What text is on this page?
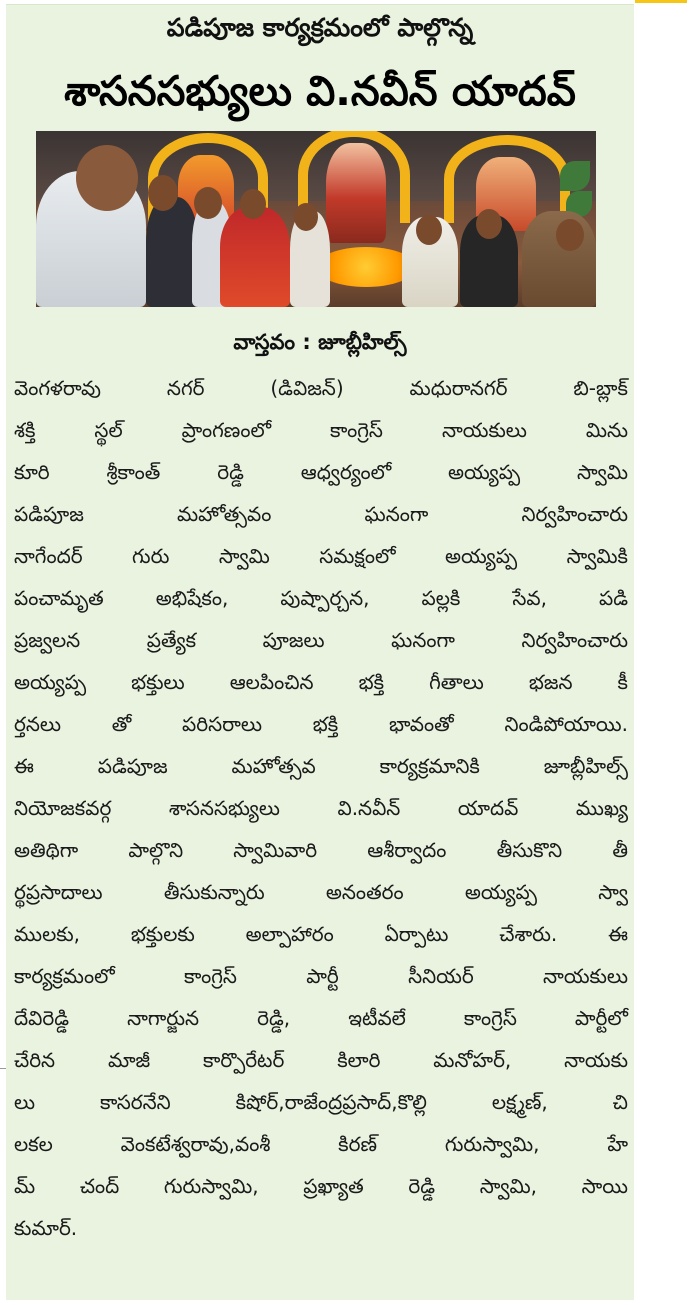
పడిపూజ కార్యక్రమంలో పాల్గొన్న
శాసనసభ్యులు వి.నవీన్ యాదవ్
వాస్తవం : జూబ్లీహిల్స్
వెంగళరావు నగర్ (డివిజన్) మధురానగర్ బి-బ్లాక్
శక్తి స్థల్ ప్రాంగణంలో కాంగ్రెస్ నాయకులు మిను
కూరి శ్రీకాంత్ రెడ్డి ఆధ్వర్యంలో అయ్యప్ప స్వామి
పడిపూజ మహోత్సవం ఘనంగా నిర్వహించారు
నాగేందర్ గురు స్వామి సమక్షంలో అయ్యప్ప స్వామికి
పంచామృత అభిషేకం, పుష్పార్చన, పల్లకి సేవ, పడి
ప్రజ్వలన ప్రత్యేక పూజలు ఘనంగా నిర్వహించారు
అయ్యప్ప భక్తులు ఆలపించిన భక్తి గీతాలు భజన కీ
ర్తనలు తో పరిసరాలు భక్తి భావంతో నిండిపోయాయి.
ఈ పడిపూజ మహోత్సవ కార్యక్రమానికి జూబ్లీహిల్స్
నియోజకవర్గ శాసనసభ్యులు వి.నవీన్ యాదవ్ ముఖ్య
అతిథిగా పాల్గొని స్వామివారి ఆశీర్వాదం తీసుకొని తీ
ర్థప్రసాదాలు తీసుకున్నారు అనంతరం అయ్యప్ప స్వా
ములకు, భక్తులకు అల్పాహారం ఏర్పాటు చేశారు. ఈ
కార్యక్రమంలో కాంగ్రెస్ పార్టీ సీనియర్ నాయకులు
దేవిరెడ్డి నాగార్జున రెడ్డి, ఇటీవలే కాంగ్రెస్ పార్టీలో
చేరిన మాజీ కార్పొరేటర్ కిలారి మనోహర్, నాయకు
లు కాసరనేని కిషోర్,రాజేంద్రప్రసాద్,కొల్లి లక్ష్మణ్, చి
లకల వెంకటేశ్వరావు,వంశీ కిరణ్ గురుస్వామి, హే
మ్ చంద్ గురుస్వామి, ప్రఖ్యాత రెడ్డి స్వామి, సాయి
కుమార్.
